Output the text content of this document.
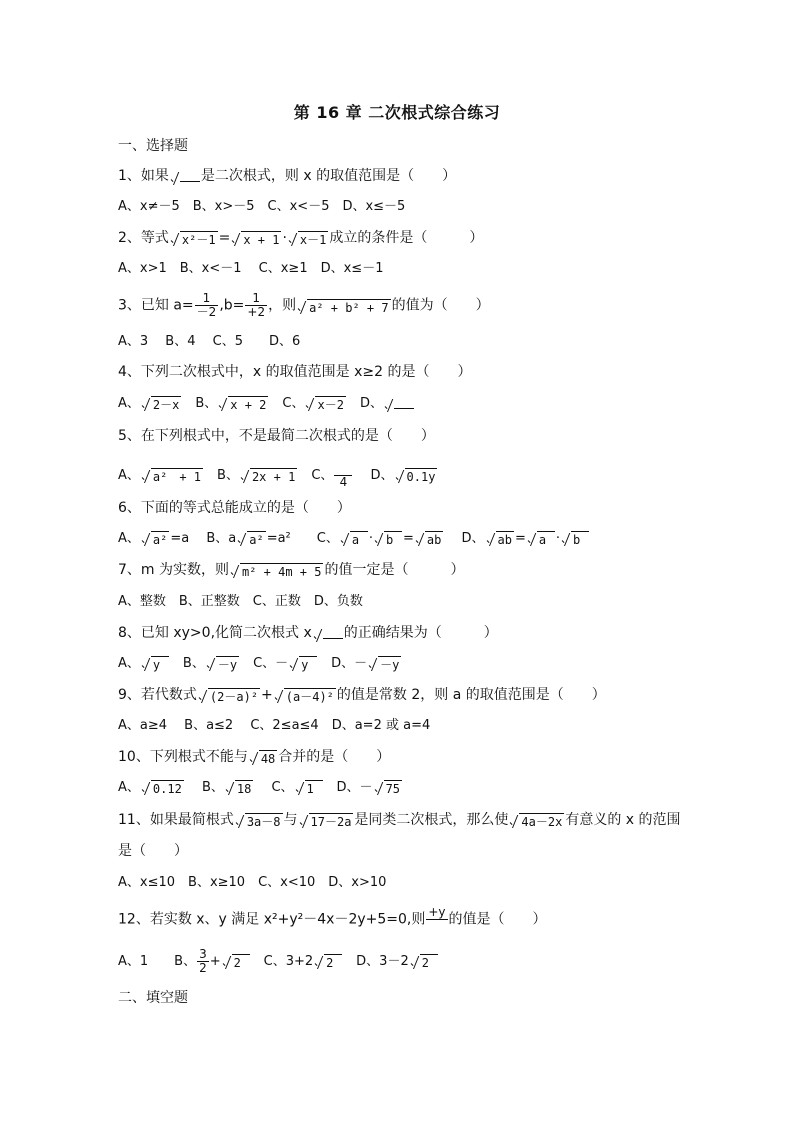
第 16 章 二次根式综合练习
一、选择题
1、如果 是二次根式，则 x 的取值范围是（　　）
A、x≠－5　B、x>－5　C、x<－5　D、x≤－5
2、等式 x²－1 = x + 1 · x－1 成立的条件是（　　　）
A、x>1　B、x<－1　 C、x≥1　D、x≤－1
3、已知 $a= \frac{1}{-2} ,b= \frac{1}{+2}$ ，则 a² + b² + 7 的值为（　　）
A、3　 B、4　 C、5　　D、6
4、下列二次根式中，x 的取值范围是 x≥2 的是（　　）
A、 2－x　B、 x + 2　C、 x－2　D、
5、在下列根式中，不是最简二次根式的是（　　）
A、 a²　+ 1　B、 2x + 1　C、 4 　 D、 0.1y
6、下面的等式总能成立的是（　　）
A、 a² =a　 B、a a² =a²　　C、 a · b = ab　 D、 ab = a · b
7、m 为实数，则 m² + 4m + 5 的值一定是（　　　）
A、整数　B、正整数　C、正数　D、负数
8、已知 xy>0,化简二次根式 x 的正确结果为（　　　）
A、 y　B、 －y　C、－ y　D、－ －y
9、若代数式 (2－a)² + (a－4)² 的值是常数 2，则 a 的取值范围是（　　）
A、a≥4　 B、a≤2　 C、2≤a≤4　D、a=2 或 a=4
10、下列根式不能与 48 合并的是（　　）
A、 0.12　 B、 18　 C、 1　D、－ 75
11、如果最简根式 3a－8 与 17－2a 是同类二次根式，那么使 4a－2x 有意义的 x 的范围
是（　　）
A、x≤10　B、x≥10　C、x<10　D、x>10
12、若实数 x、y 满足 x²+y²－4x－2y+5=0,则 +y 的值是（　　）
A、1　　B、 $\frac{3}{2} + 2$　C、3+2 2　D、3－2 2
二、填空题
